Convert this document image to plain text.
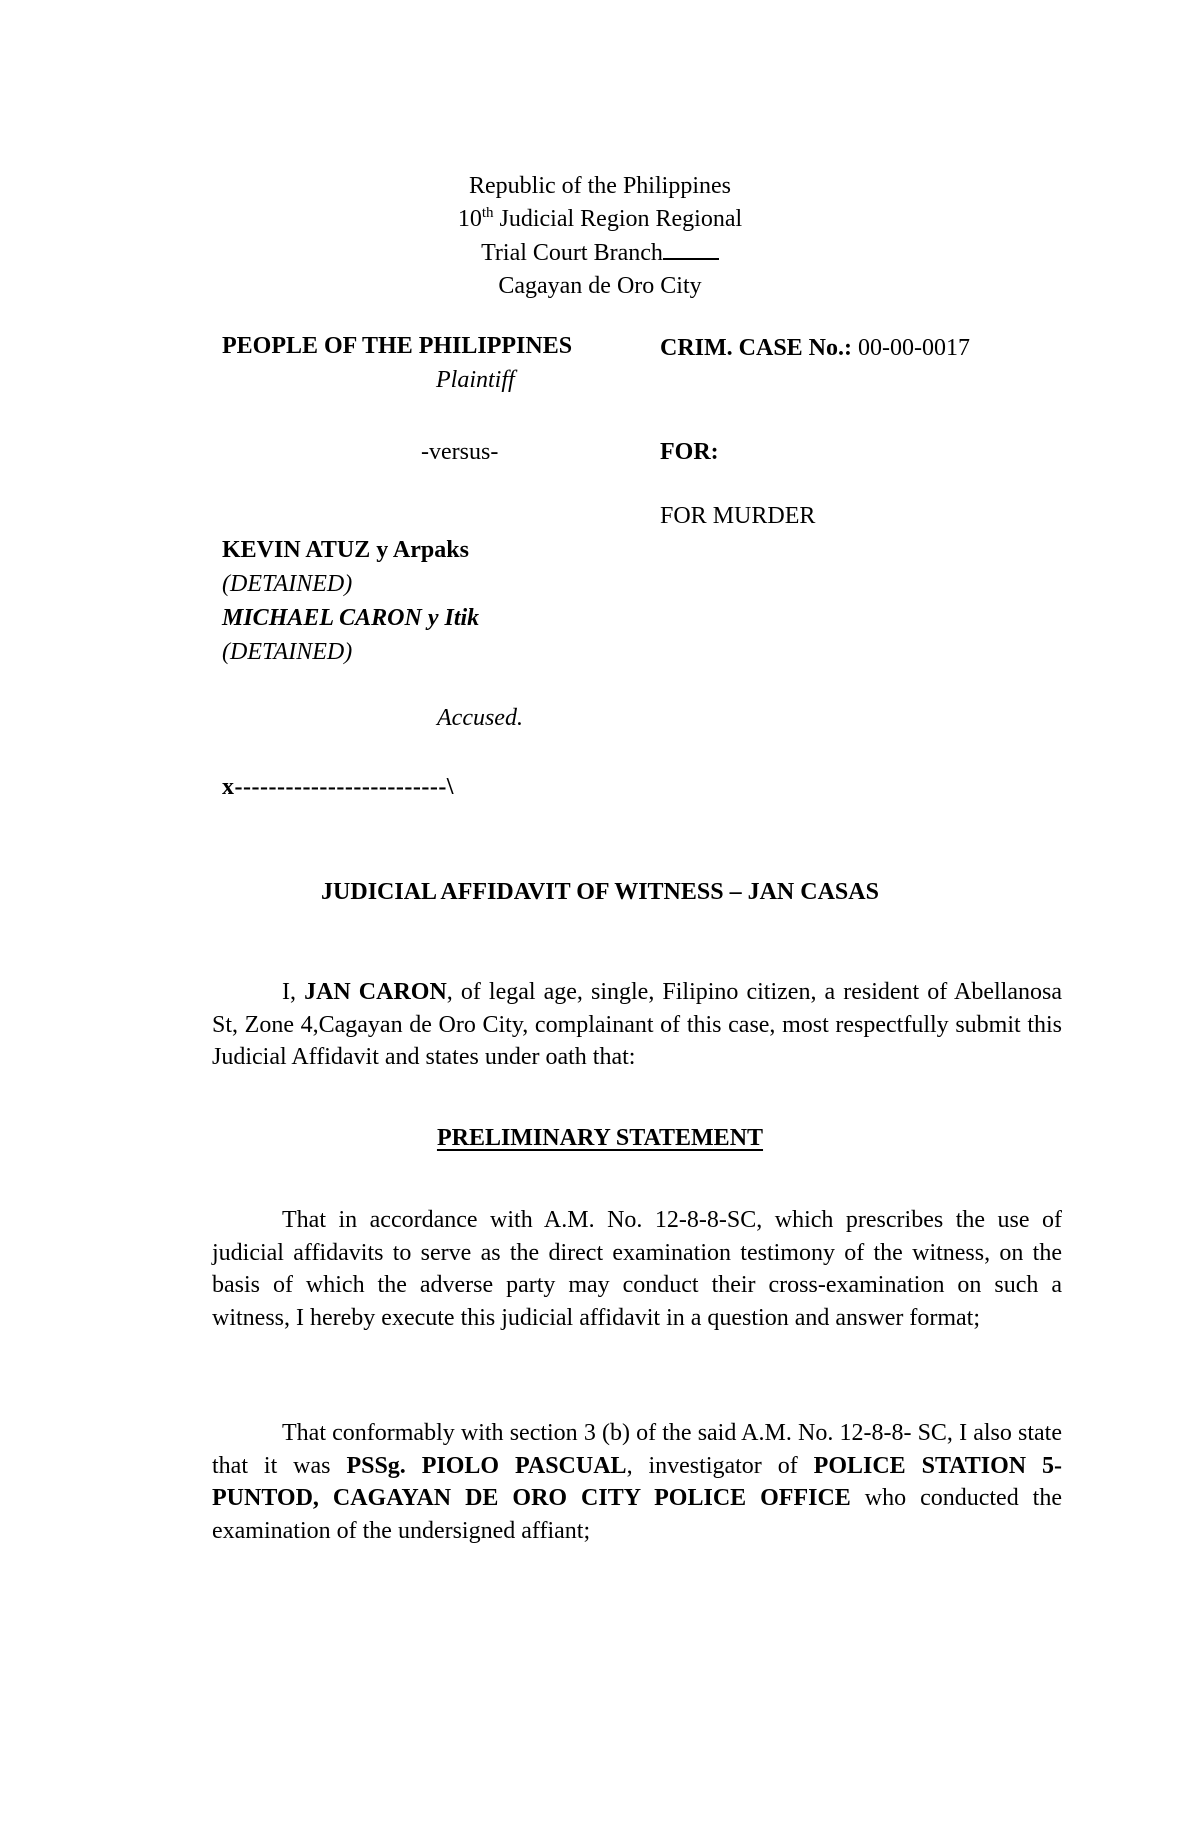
Republic of the Philippines
10th Judicial Region Regional
Trial Court Branch
Cagayan de Oro City
PEOPLE OF THE PHILIPPINES
Plaintiff
-versus-
KEVIN ATUZ y Arpaks
(DETAINED)
MICHAEL CARON y Itik
(DETAINED)
Accused.
x-------------------------\
CRIM. CASE No.: 00-00-0017
FOR:
FOR MURDER
JUDICIAL AFFIDAVIT OF WITNESS – JAN CASAS
I, JAN CARON, of legal age, single, Filipino citizen, a resident of Abellanosa St, Zone 4,Cagayan de Oro City, complainant of this case, most respectfully submit this Judicial Affidavit and states under oath that:
PRELIMINARY STATEMENT
That in accordance with A.M. No. 12-8-8-SC, which prescribes the use of judicial affidavits to serve as the direct examination testimony of the witness, on the basis of which the adverse party may conduct their cross-examination on such a witness, I hereby execute this judicial affidavit in a question and answer format;
That conformably with section 3 (b) of the said A.M. No. 12-8-8- SC, I also state that it was PSSg. PIOLO PASCUAL, investigator of POLICE STATION 5- PUNTOD, CAGAYAN DE ORO CITY POLICE OFFICE who conducted the examination of the undersigned affiant;
